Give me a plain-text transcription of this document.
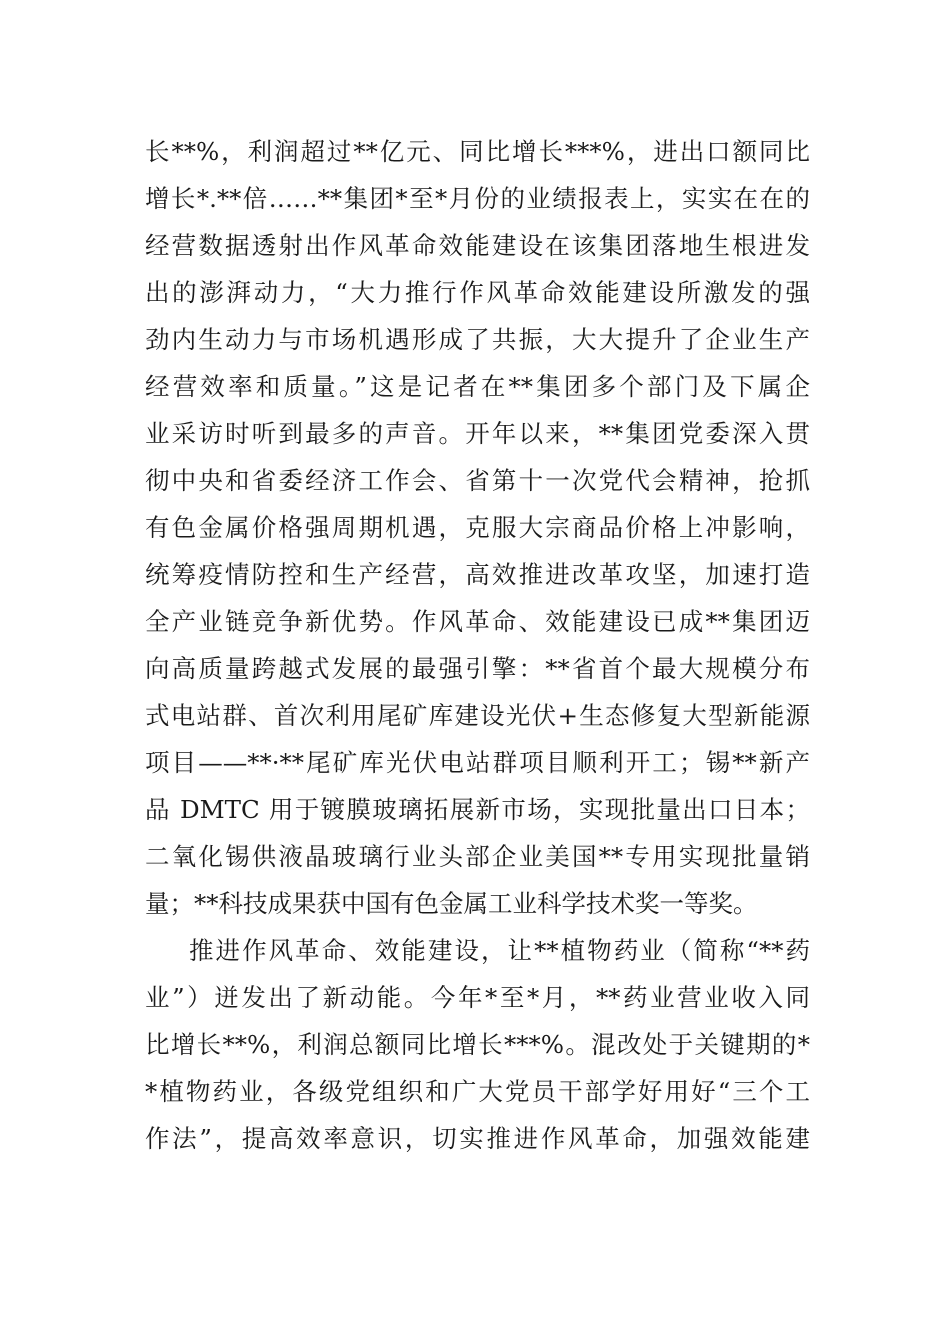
长**%，利润超过**亿元、同比增长***%，进出口额同比
增长*.**倍……**集团*至*月份的业绩报表上，实实在在的
经营数据透射出作风革命效能建设在该集团落地生根进发
出的澎湃动力，“大力推行作风革命效能建设所激发的强
劲内生动力与市场机遇形成了共振，大大提升了企业生产
经营效率和质量。”这是记者在**集团多个部门及下属企
业采访时听到最多的声音。开年以来，**集团党委深入贯
彻中央和省委经济工作会、省第十一次党代会精神，抢抓
有色金属价格强周期机遇，克服大宗商品价格上冲影响，
统筹疫情防控和生产经营，高效推进改革攻坚，加速打造
全产业链竞争新优势。作风革命、效能建设已成**集团迈
向高质量跨越式发展的最强引擎：**省首个最大规模分布
式电站群、首次利用尾矿库建设光伏+生态修复大型新能源
项目——**·**尾矿库光伏电站群项目顺利开工；锡**新产
品 DMTC 用于镀膜玻璃拓展新市场，实现批量出口日本；
二氧化锡供液晶玻璃行业头部企业美国**专用实现批量销
量；**科技成果获中国有色金属工业科学技术奖一等奖。
推进作风革命、效能建设，让**植物药业（简称“**药
业”）迸发出了新动能。今年*至*月，**药业营业收入同
比增长**%，利润总额同比增长***%。混改处于关键期的*
*植物药业，各级党组织和广大党员干部学好用好“三个工
作法”，提高效率意识，切实推进作风革命，加强效能建
